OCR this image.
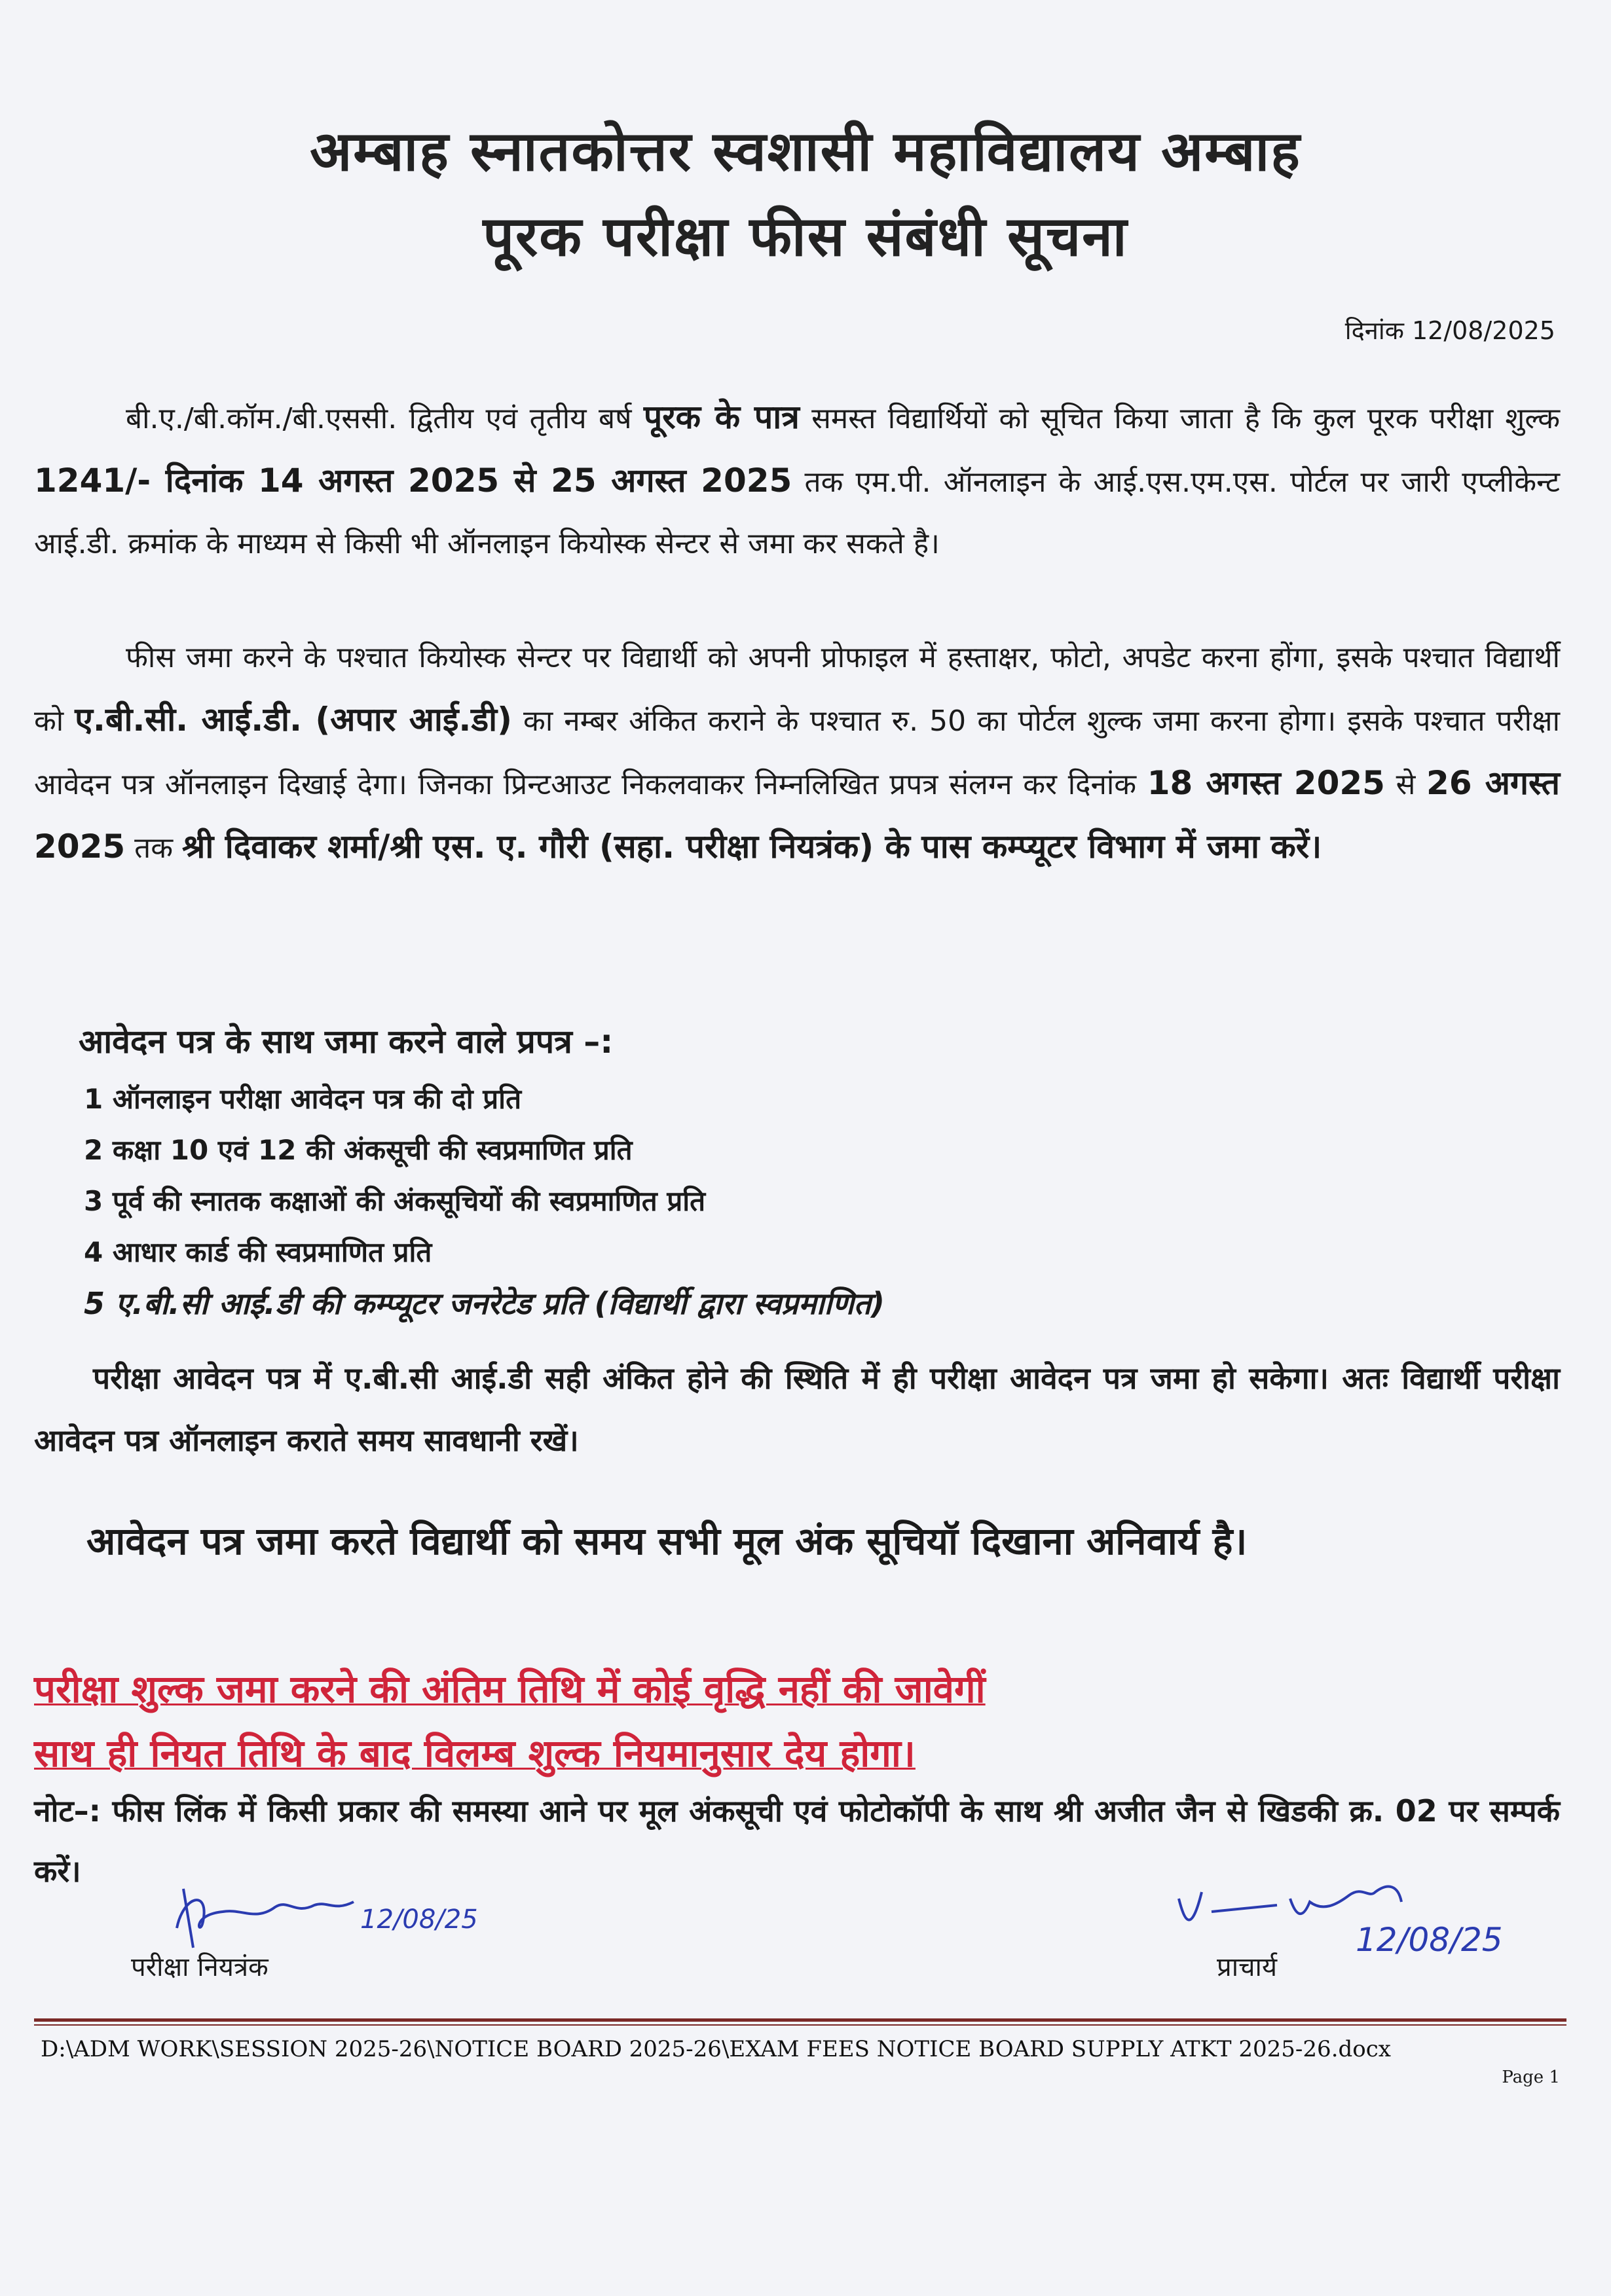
अम्बाह स्नातकोत्तर स्वशासी महाविद्यालय अम्बाह
पूरक परीक्षा फीस संबंधी सूचना
दिनांक 12/08/2025
बी.ए./बी.कॉम./बी.एससी. द्वितीय एवं तृतीय बर्ष पूरक के पात्र समस्त विद्यार्थियों को सूचित किया जाता है कि कुल पूरक परीक्षा शुल्क 1241/- दिनांक 14 अगस्त 2025 से 25 अगस्त 2025 तक एम.पी. ऑनलाइन के आई.एस.एम.एस. पोर्टल पर जारी एप्लीकेन्ट आई.डी. क्रमांक के माध्यम से किसी भी ऑनलाइन कियोस्क सेन्टर से जमा कर सकते है।
फीस जमा करने के पश्चात कियोस्क सेन्टर पर विद्यार्थी को अपनी प्रोफाइल में हस्ताक्षर, फोटो, अपडेट करना होंगा, इसके पश्चात विद्यार्थी को ए.बी.सी. आई.डी. (अपार आई.डी) का नम्बर अंकित कराने के पश्चात रु. 50 का पोर्टल शुल्क जमा करना होगा। इसके पश्चात परीक्षा आवेदन पत्र ऑनलाइन दिखाई देगा। जिनका प्रिन्टआउट निकलवाकर निम्नलिखित प्रपत्र संलग्न कर दिनांक 18 अगस्त 2025 से 26 अगस्त 2025 तक श्री दिवाकर शर्मा/श्री एस. ए. गौरी (सहा. परीक्षा नियत्रंक) के पास कम्प्यूटर विभाग में जमा करें।
आवेदन पत्र के साथ जमा करने वाले प्रपत्र –:
1 ऑनलाइन परीक्षा आवेदन पत्र की दो प्रति
2 कक्षा 10 एवं 12 की अंकसूची की स्वप्रमाणित प्रति
3 पूर्व की स्नातक कक्षाओं की अंकसूचियों की स्वप्रमाणित प्रति
4 आधार कार्ड की स्वप्रमाणित प्रति
5 ए.बी.सी आई.डी की कम्प्यूटर जनरेटेड प्रति (विद्यार्थी द्वारा स्वप्रमाणित)
परीक्षा आवेदन पत्र में ए.बी.सी आई.डी सही अंकित होने की स्थिति में ही परीक्षा आवेदन पत्र जमा हो सकेगा। अतः विद्यार्थी परीक्षा आवेदन पत्र ऑनलाइन कराते समय सावधानी रखें।
आवेदन पत्र जमा करते विद्यार्थी को समय सभी मूल अंक सूचियॉ दिखाना अनिवार्य है।
परीक्षा शुल्क जमा करने की अंतिम तिथि में कोई वृद्धि नहीं की जावेगीं
साथ ही नियत तिथि के बाद विलम्ब शुल्क नियमानुसार देय होगा।
नोट–: फीस लिंक में किसी प्रकार की समस्या आने पर मूल अंकसूची एवं फोटोकॉपी के साथ श्री अजीत जैन से खिडकी क्र. 02 पर सम्पर्क करें।
12/08/25
परीक्षा नियत्रंक
12/08/25
प्राचार्य
D:\ADM WORK\SESSION 2025-26\NOTICE BOARD 2025-26\EXAM FEES NOTICE BOARD SUPPLY ATKT 2025-26.docx
Page 1
